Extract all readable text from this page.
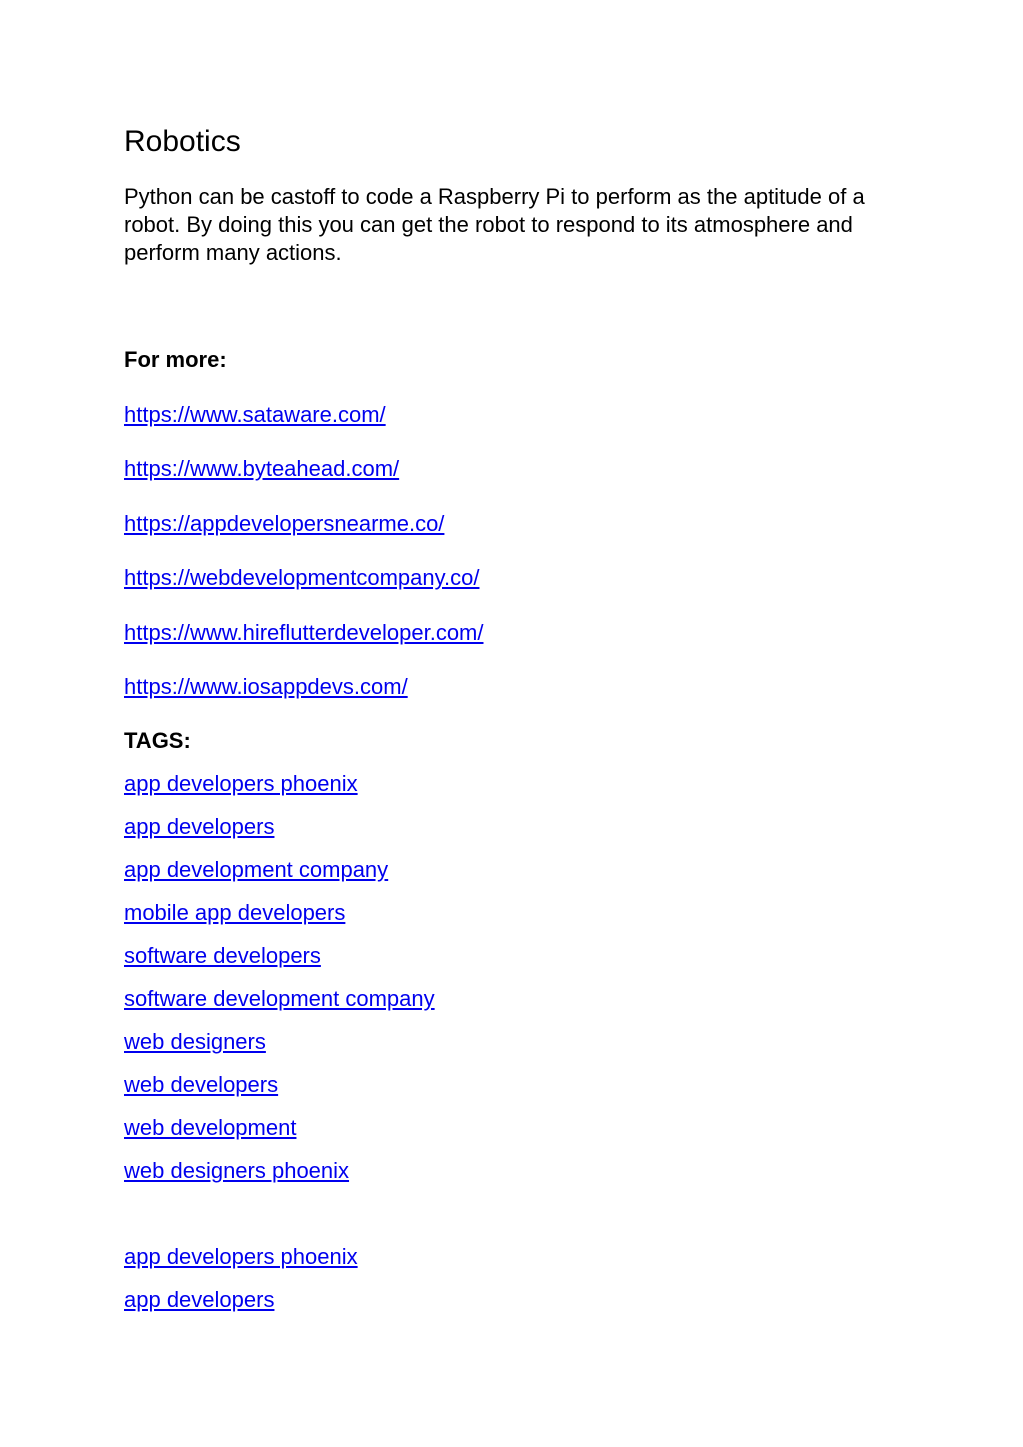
Robotics

Python can be castoff to code a Raspberry Pi to perform as the aptitude of a robot. By doing this you can get the robot to respond to its atmosphere and perform many actions.

For more:
https://www.sataware.com/
https://www.byteahead.com/
https://appdevelopersnearme.co/
https://webdevelopmentcompany.co/
https://www.hireflutterdeveloper.com/
https://www.iosappdevs.com/
TAGS:
app developers phoenix
app developers
app development company
mobile app developers
software developers
software development company
web designers
web developers
web development
web designers phoenix
app developers phoenix
app developers
